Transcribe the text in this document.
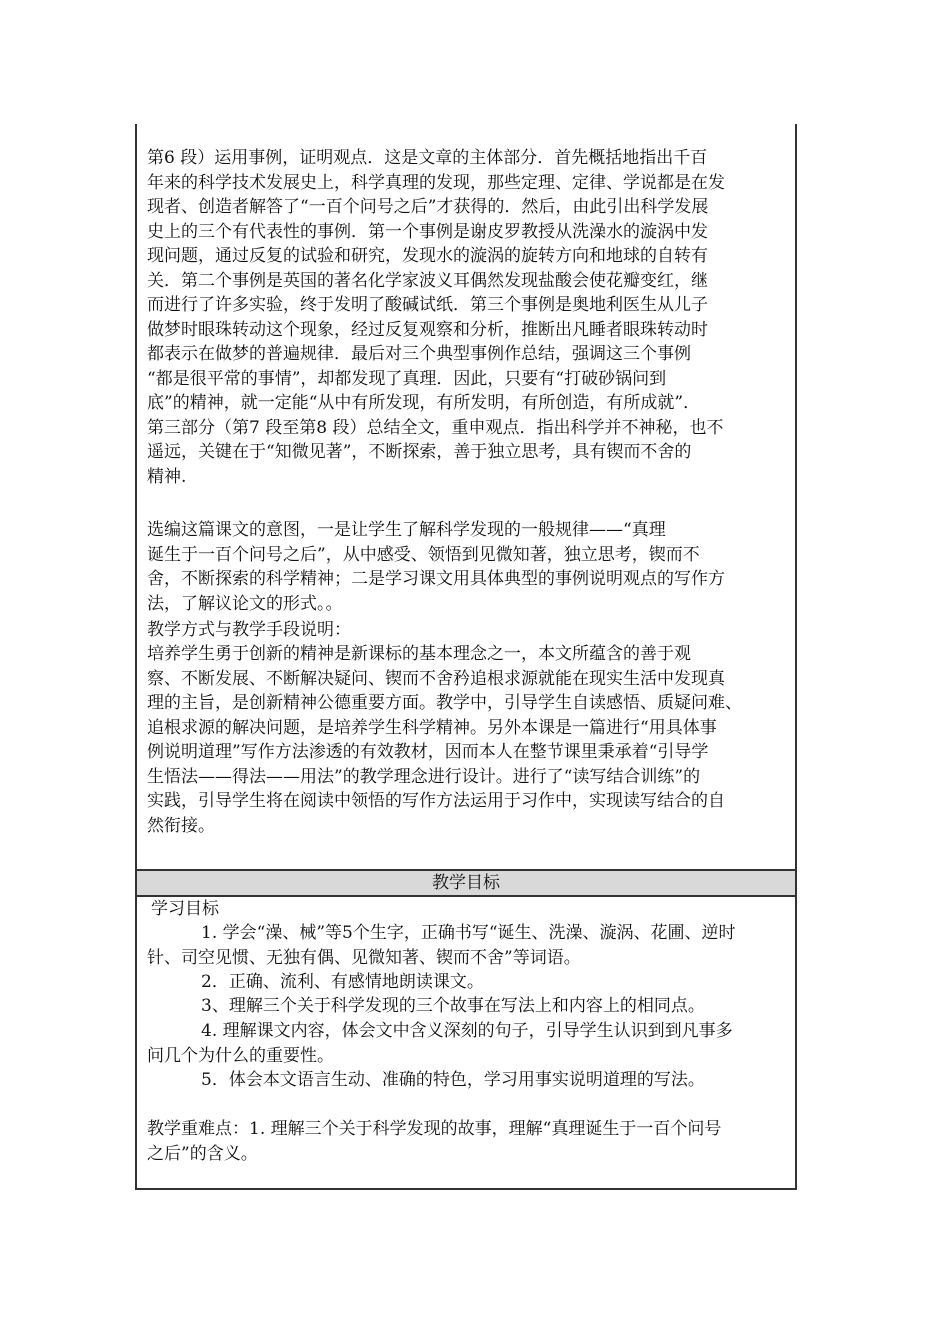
第6 段）运用事例，证明观点．这是文章的主体部分．首先概括地指出千百
年来的科学技术发展史上，科学真理的发现，那些定理、定律、学说都是在发
现者、创造者解答了“一百个问号之后”才获得的．然后，由此引出科学发展
史上的三个有代表性的事例．第一个事例是谢皮罗教授从洗澡水的漩涡中发
现问题，通过反复的试验和研究，发现水的漩涡的旋转方向和地球的自转有
关．第二个事例是英国的著名化学家波义耳偶然发现盐酸会使花瓣变红，继
而进行了许多实验，终于发明了酸碱试纸．第三个事例是奥地利医生从儿子
做梦时眼珠转动这个现象，经过反复观察和分析，推断出凡睡者眼珠转动时
都表示在做梦的普遍规律．最后对三个典型事例作总结，强调这三个事例
“都是很平常的事情”，却都发现了真理．因此，只要有“打破砂锅问到
底”的精神，就一定能“从中有所发现，有所发明，有所创造，有所成就”．
第三部分（第7 段至第8 段）总结全文，重申观点．指出科学并不神秘，也不
遥远，关键在于“知微见著”，不断探索，善于独立思考，具有锲而不舍的
精神.

选编这篇课文的意图，一是让学生了解科学发现的一般规律——“真理
诞生于一百个问号之后”，从中感受、领悟到见微知著，独立思考，锲而不
舍，不断探索的科学精神；二是学习课文用具体典型的事例说明观点的写作方
法，了解议论文的形式。。

教学方式与教学手段说明：

培养学生勇于创新的精神是新课标的基本理念之一，本文所蕴含的善于观
察、不断发展、不断解决疑问、锲而不舍矜追根求源就能在现实生活中发现真
理的主旨，是创新精神公德重要方面。教学中，引导学生自读感悟、质疑问难、
追根求源的解决问题，是培养学生科学精神。另外本课是一篇进行“用具体事
例说明道理”写作方法渗透的有效教材，因而本人在整节课里秉承着“引导学
生悟法——得法——用法”的教学理念进行设计。进行了“读写结合训练”的
实践，引导学生将在阅读中领悟的写作方法运用于习作中，实现读写结合的自
然衔接。

教学目标

学习目标

1. 学会“澡、械”等5个生字，正确书写“诞生、洗澡、漩涡、花圃、逆时
针、司空见惯、无独有偶、见微知著、锲而不舍”等词语。

2．正确、流利、有感情地朗读课文。

3、理解三个关于科学发现的三个故事在写法上和内容上的相同点。

4. 理解课文内容，体会文中含义深刻的句子，引导学生认识到到凡事多
问几个为什么的重要性。

5．体会本文语言生动、准确的特色，学习用事实说明道理的写法。

教学重难点：1. 理解三个关于科学发现的故事，理解“真理诞生于一百个问号
之后”的含义。
